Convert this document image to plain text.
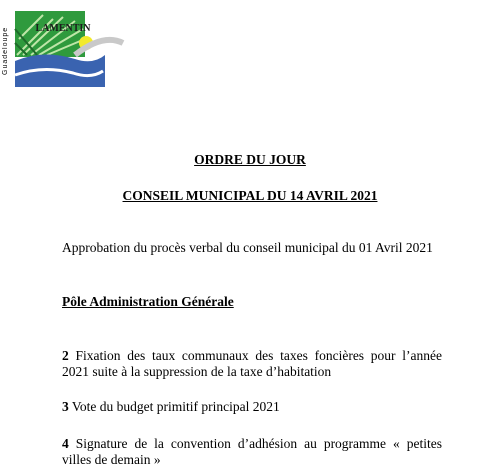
Guadeloupe	LAMENTIN
ORDRE DU JOUR
CONSEIL MUNICIPAL DU 14 AVRIL 2021
Approbation du procès verbal du conseil municipal du 01 Avril 2021
Pôle Administration Générale
2 Fixation des taux communaux des taxes foncières pour l’année 2021 suite à la suppression de la taxe d’habitation
3 Vote du budget primitif principal 2021
4 Signature de la convention d’adhésion au programme « petites villes de demain »
